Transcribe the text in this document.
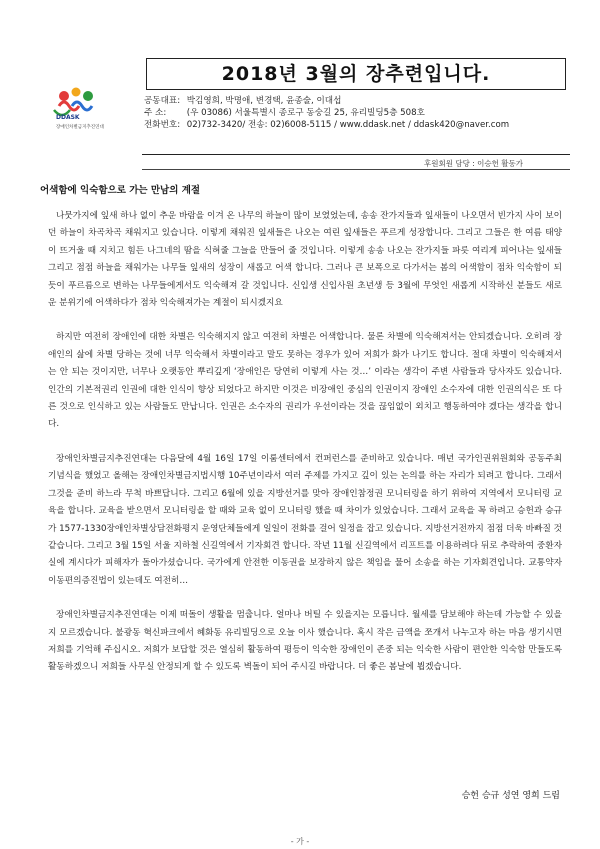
2018년 3월의 장추련입니다.
DDASK
장애인차별금지추진연대
공동대표: 박김영희, 박명애, 변경택, 윤종술, 이대섭
주 소: (우 03086) 서울특별시 종로구 동숭길 25, 유리빌딩5층 508호
전화번호: 02)732-3420/ 전송: 02)6008-5115 / www.ddask.net / ddask420@naver.com
후원회원 담당 : 이승헌 활동가
어색함에 익숙함으로 가는 만남의 계절

나뭇가지에 잎새 하나 없이 추운 바람을 이겨 온 나무의 하늘이 많이 보였었는데, 송송 잔가지들과 잎새들이 나오면서 빈가지 사이 보이던 하늘이 차곡차곡 채워지고 있습니다. 이렇게 채워진 잎새들은 나오는 여린 잎새들은 푸르게 성장합니다. 그리고 그들은 한 여름 태양이 뜨거울 때 지치고 힘든 나그네의 땀을 식혀줄 그늘을 만들어 줄 것입니다. 이렇게 송송 나오는 잔가지들 파릇 여리게 피어나는 잎새들 그리고 점점 하늘을 채워가는 나무들 잎새의 성장이 새롭고 어색 합니다. 그러나 큰 보폭으로 다가서는 봄의 어색함이 점차 익숙함이 되듯이 푸르름으로 변하는 나무들에게서도 익숙해져 갈 것입니다. 신입생 신입사원 초년생 등 3월에 무엇인 새롭게 시작하신 분들도 새로운 분위기에 어색하다가 점차 익숙해져가는 계절이 되시겠지요

하지만 여전히 장애인에 대한 차별은 익숙해지지 않고 여전히 차별은 어색합니다. 물론 차별에 익숙해져서는 안되겠습니다. 오히려 장애인의 삶에 차별 당하는 것에 너무 익숙해서 차별이라고 말도 못하는 경우가 있어 저희가 화가 나기도 합니다. 절대 차별이 익숙해져서는 안 되는 것이지만, 너무나 오랫동안 뿌리깊게 ‘장애인은 당연히 이렇게 사는 것…’ 이라는 생각이 주변 사람들과 당사자도 있습니다. 인간의 기본적권리 인권에 대한 인식이 향상 되었다고 하지만 이것은 비장애인 중심의 인권이지 장애인 소수자에 대한 인권의식은 또 다른 것으로 인식하고 있는 사람들도 만납니다. 인권은 소수자의 권리가 우선이라는 것을 끊임없이 외치고 행동하여야 겠다는 생각을 합니다.

장애인차별금지추진연대는 다음달에 4월 16일 17일 이룸센터에서 컨퍼런스를 준비하고 있습니다. 매년 국가인권위원회와 공동주최 기념식을 했었고 올해는 장애인차별금지법시행 10주년이라서 여러 주제를 가지고 깊이 있는 논의를 하는 자리가 되려고 합니다. 그래서 그것을 준비 하느라 무척 바쁘답니다. 그리고 6월에 있을 지방선거를 맞아 장애인참정권 모니터링을 하기 위하여 지역에서 모니터링 교육을 합니다. 교육을 받으면서 모니터링을 할 때와 교육 없이 모니터링 했을 때 차이가 있었습니다. 그래서 교육을 꼭 하려고 승헌과 승규가 1577-1330장애인차별상담전화평지 운영단체들에게 일일이 전화를 걸어 일정을 잡고 있습니다. 지방선거전까지 점점 더욱 바빠질 것 같습니다. 그리고 3월 15일 서울 지하철 신길역에서 기자회견 합니다. 작년 11월 신길역에서 리프트를 이용하려다 뒤로 추락하여 중환자실에 계시다가 피해자가 돌아가셨습니다. 국가에게 안전한 이동권을 보장하지 않은 책임을 물어 소송을 하는 기자회견입니다. 교통약자 이동편의증진법이 있는데도 여전히…

장애인차별금지추진연대는 이제 떠돌이 생활을 멈춥니다. 얼마나 버틸 수 있을지는 모릅니다. 월세를 담보해야 하는데 가능할 수 있을지 모르겠습니다. 불광동 혁신파크에서 혜화동 유리빌딩으로 오늘 이사 했습니다. 혹시 작은 금액을 쪼개서 나누고자 하는 마음 생기시면 저희를 기억해 주십시오. 저희가 보답할 것은 열심히 활동하여 평등이 익숙한 장애인이 존중 되는 익숙한 사람이 편안한 익숙함 만들도록 활동하겠으니 저희들 사무실 안정되게 할 수 있도록 벽돌이 되어 주시길 바랍니다. 더 좋은 봄날에 뵙겠습니다.

승헌 승규 성연 영희 드림
- 가 -
